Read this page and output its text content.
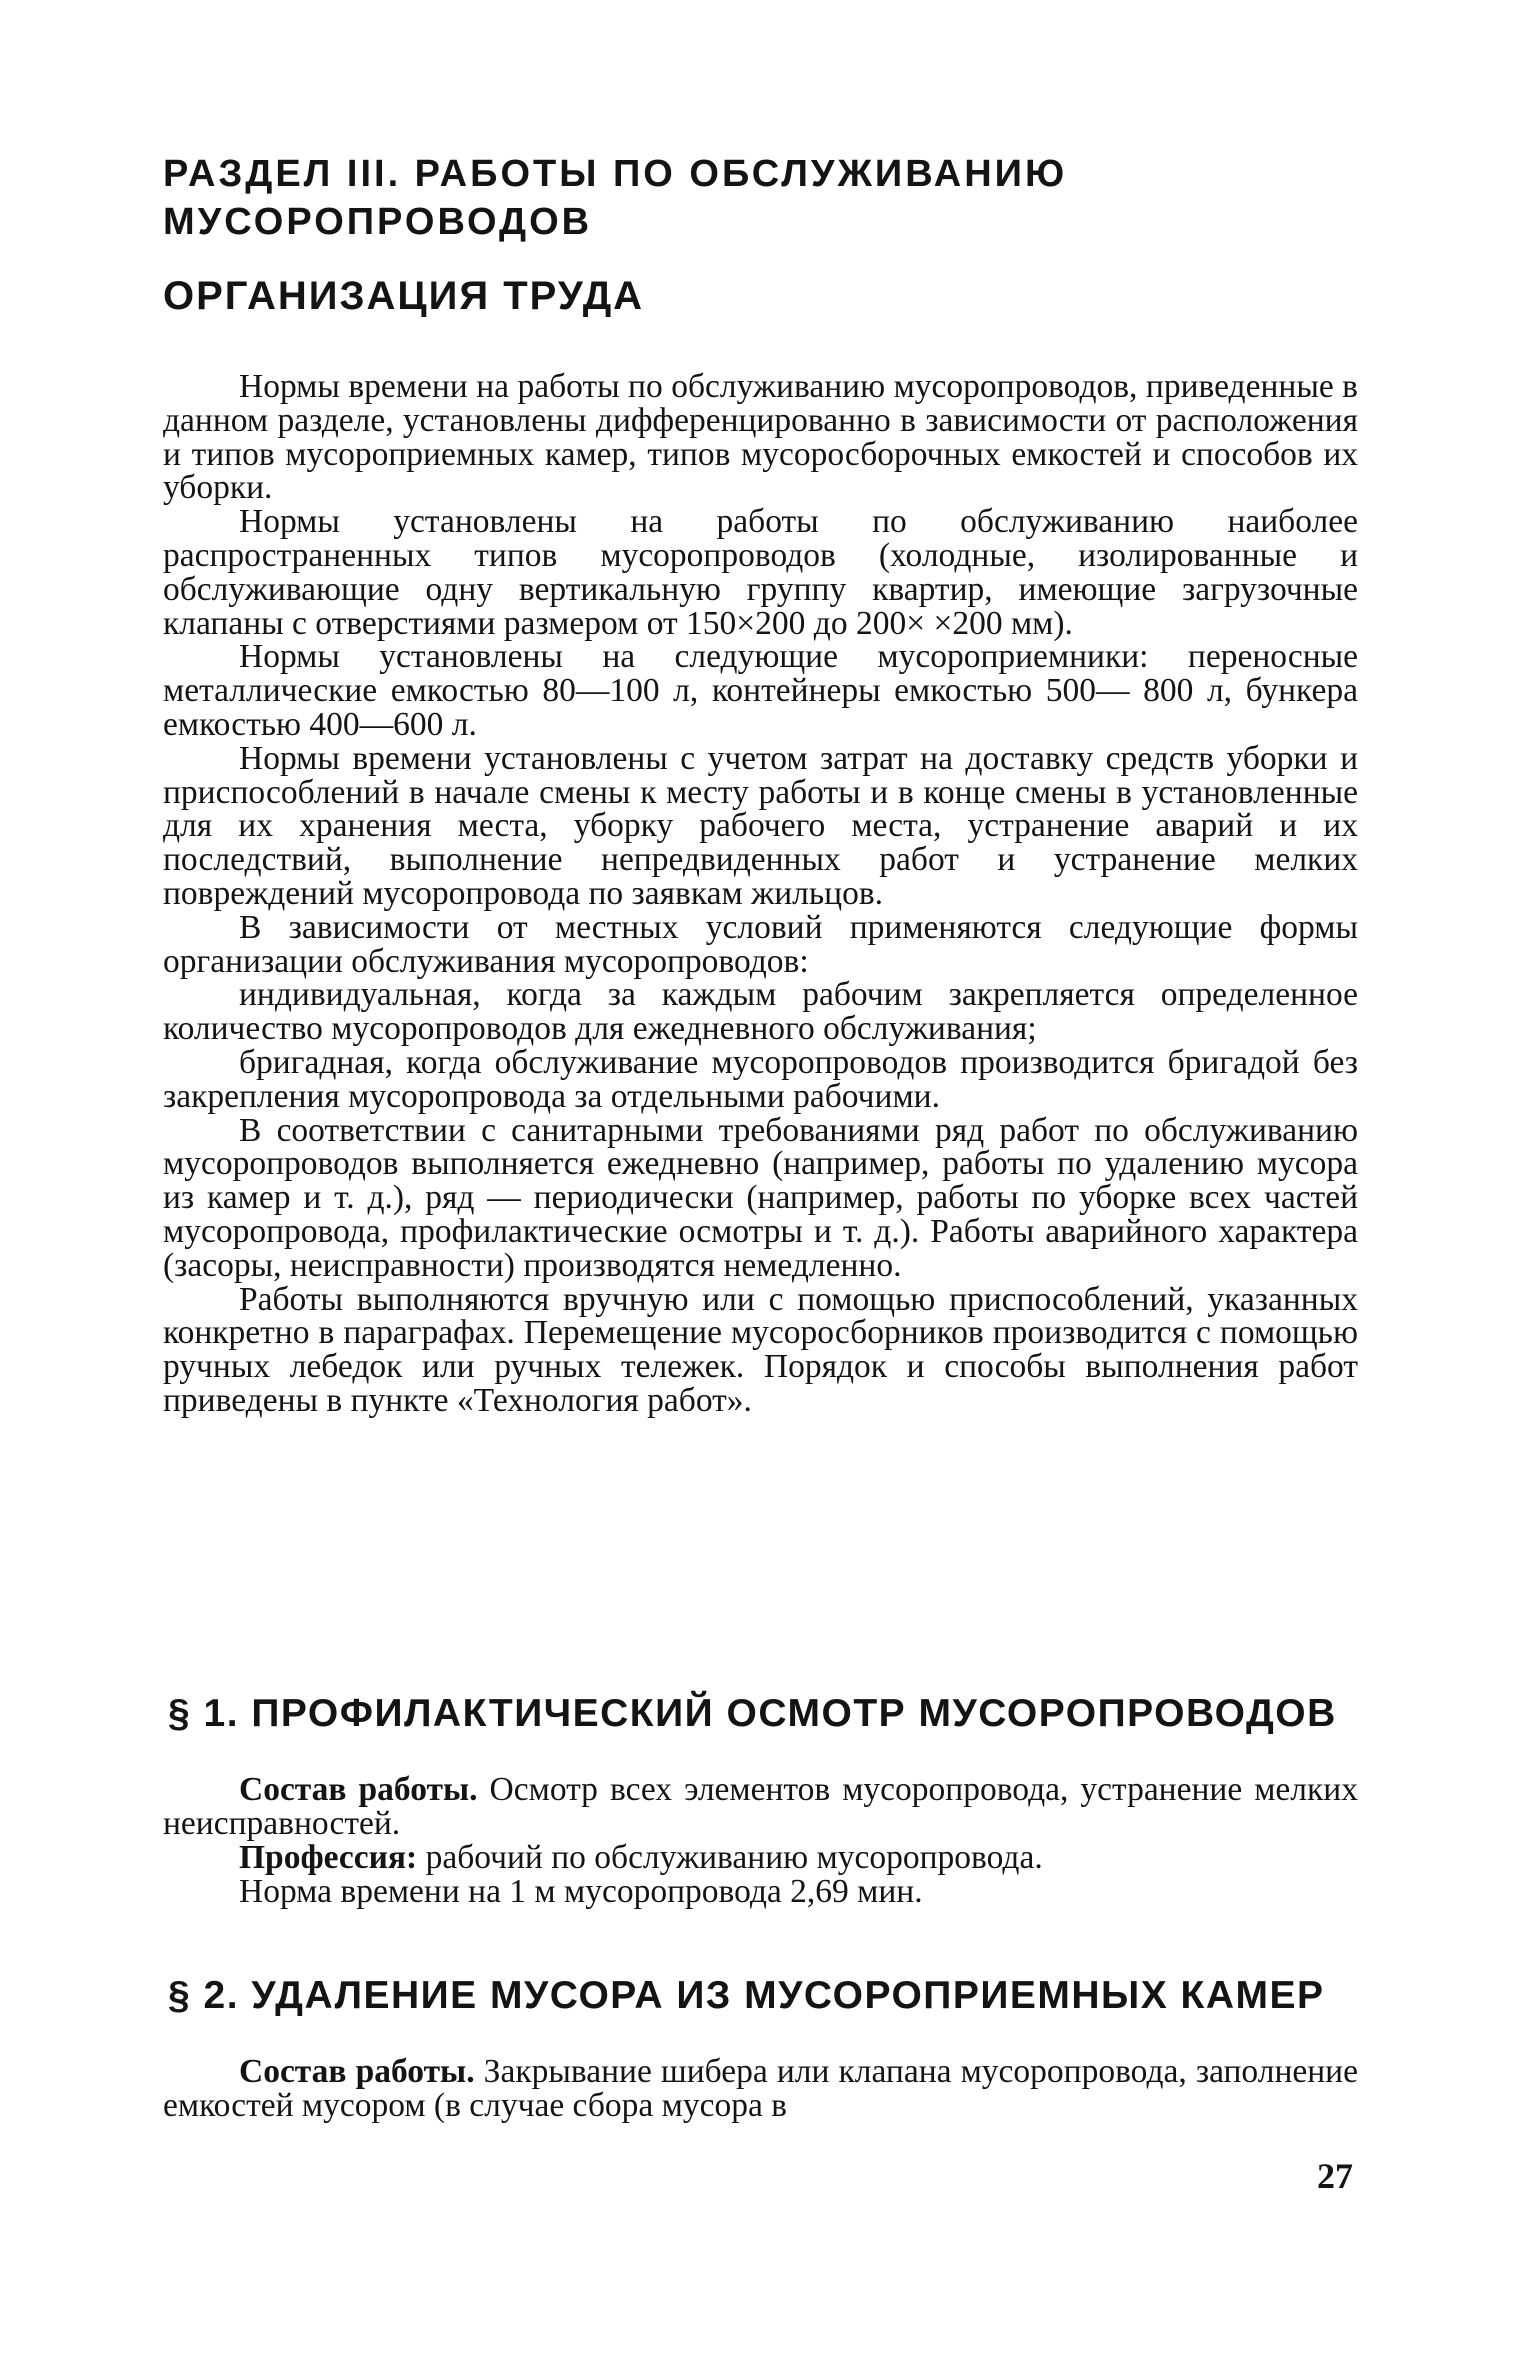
РАЗДЕЛ III. РАБОТЫ ПО ОБСЛУЖИВАНИЮ МУСОРОПРОВОДОВ
ОРГАНИЗАЦИЯ ТРУДА

Нормы времени на работы по обслуживанию мусоропроводов, приведенные в данном разделе, установлены дифференцированно в зависимости от расположения и типов мусороприемных камер, типов мусоросборочных емкостей и способов их уборки.

Нормы установлены на работы по обслуживанию наиболее распространенных типов мусоропроводов (холодные, изолированные и обслуживающие одну вертикальную группу квартир, имеющие загрузочные клапаны с отверстиями размером от 150×200 до 200× ×200 мм).

Нормы установлены на следующие мусороприемники: переносные металлические емкостью 80—100 л, контейнеры емкостью 500— 800 л, бункера емкостью 400—600 л.

Нормы времени установлены с учетом затрат на доставку средств уборки и приспособлений в начале смены к месту работы и в конце смены в установленные для их хранения места, уборку рабочего места, устранение аварий и их последствий, выполнение непредвиденных работ и устранение мелких повреждений мусоропровода по заявкам жильцов.

В зависимости от местных условий применяются следующие формы организации обслуживания мусоропроводов:

индивидуальная, когда за каждым рабочим закрепляется определенное количество мусоропроводов для ежедневного обслуживания;

бригадная, когда обслуживание мусоропроводов производится бригадой без закрепления мусоропровода за отдельными рабочими.

В соответствии с санитарными требованиями ряд работ по обслуживанию мусоропроводов выполняется ежедневно (например, работы по удалению мусора из камер и т. д.), ряд — периодически (например, работы по уборке всех частей мусоропровода, профилактические осмотры и т. д.). Работы аварийного характера (засоры, неисправности) производятся немедленно.

Работы выполняются вручную или с помощью приспособлений, указанных конкретно в параграфах. Перемещение мусоросборников производится с помощью ручных лебедок или ручных тележек. Порядок и способы выполнения работ приведены в пункте «Технология работ».

§ 1. ПРОФИЛАКТИЧЕСКИЙ ОСМОТР МУСОРОПРОВОДОВ

Состав работы. Осмотр всех элементов мусоропровода, устранение мелких неисправностей.

Профессия: рабочий по обслуживанию мусоропровода.

Норма времени на 1 м мусоропровода 2,69 мин.

§ 2. УДАЛЕНИЕ МУСОРА ИЗ МУСОРОПРИЕМНЫХ КАМЕР

Состав работы. Закрывание шибера или клапана мусоропровода, заполнение емкостей мусором (в случае сбора мусора в

27
